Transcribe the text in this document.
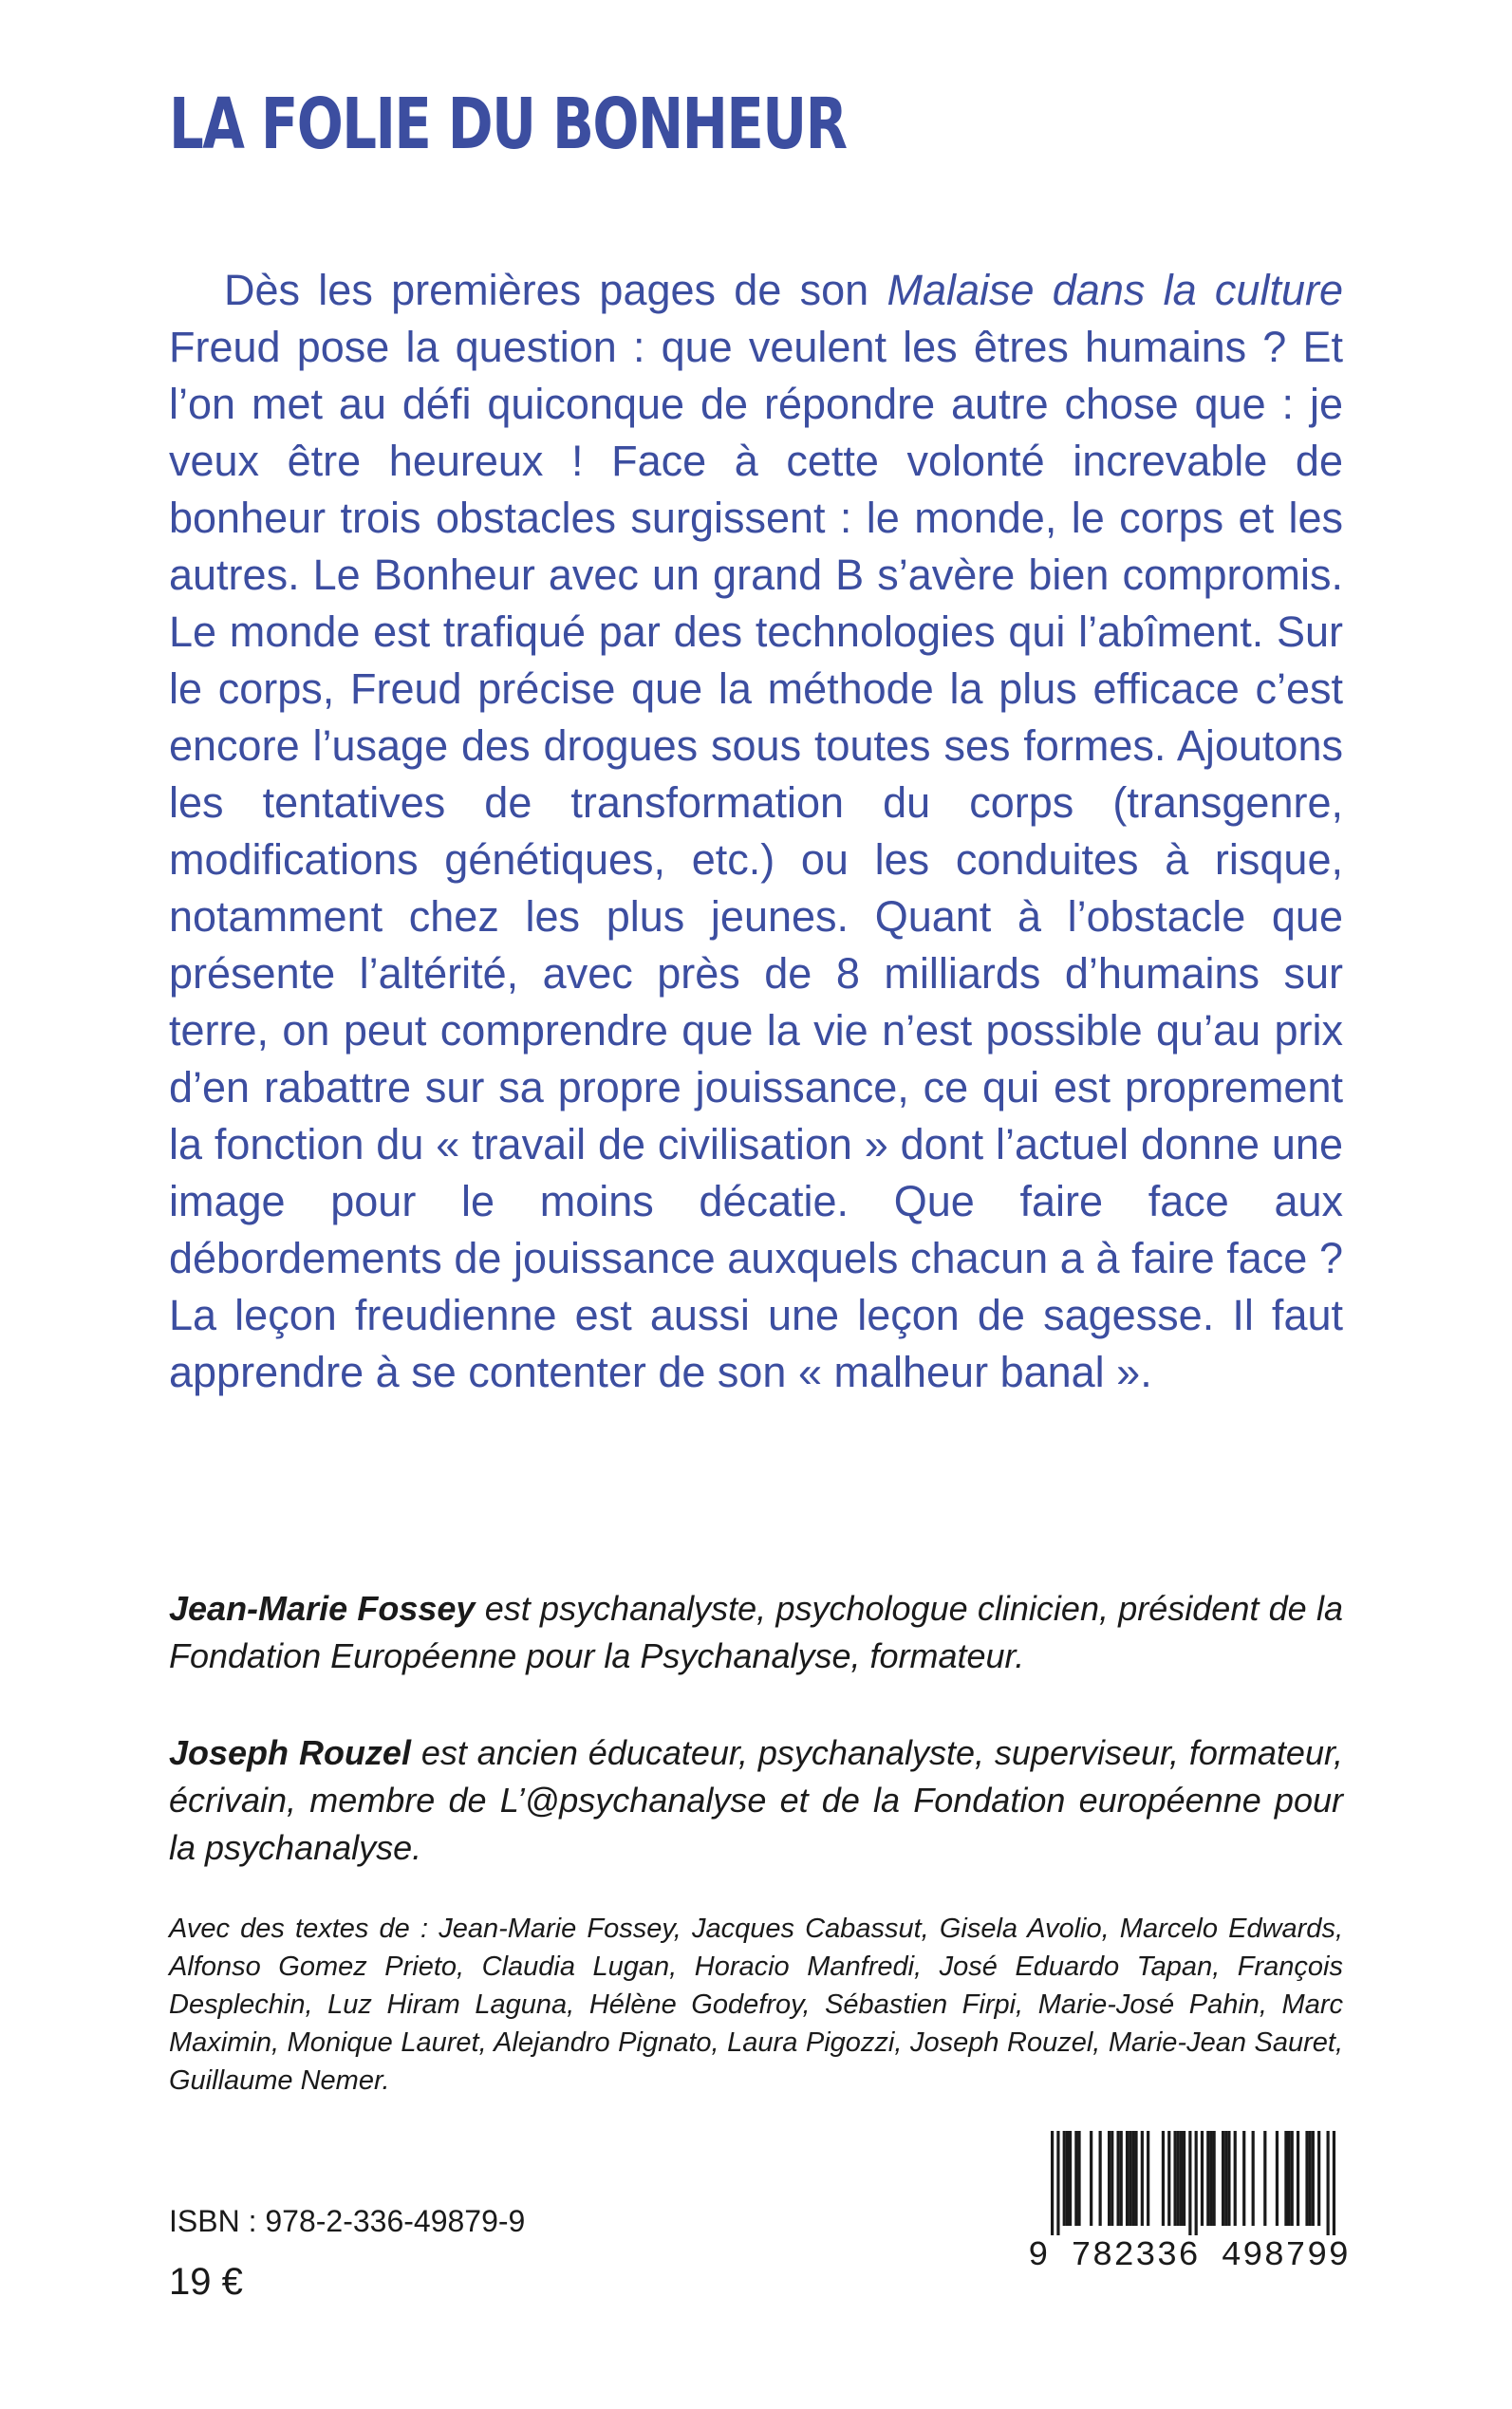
LA FOLIE DU BONHEUR

Dès les premières pages de son Malaise dans la culture Freud pose la question : que veulent les êtres humains ? Et l’on met au défi quiconque de répondre autre chose que : je veux être heureux ! Face à cette volonté increvable de bonheur trois obstacles surgissent : le monde, le corps et les autres. Le Bonheur avec un grand B s’avère bien compromis. Le monde est trafiqué par des technologies qui l’abîment. Sur le corps, Freud précise que la méthode la plus efficace c’est encore l’usage des drogues sous toutes ses formes. Ajoutons les tentatives de transformation du corps (transgenre, modifications génétiques, etc.) ou les conduites à risque, notamment chez les plus jeunes. Quant à l’obstacle que présente l’altérité, avec près de 8 milliards d’humains sur terre, on peut comprendre que la vie n’est possible qu’au prix d’en rabattre sur sa propre jouissance, ce qui est proprement la fonction du « travail de civilisation » dont l’actuel donne une image pour le moins décatie. Que faire face aux débordements de jouissance auxquels chacun a à faire face ? La leçon freudienne est aussi une leçon de sagesse. Il faut apprendre à se contenter de son « malheur banal ».

Jean-Marie Fossey est psychanalyste, psychologue clinicien, président de la Fondation Européenne pour la Psychanalyse, formateur.

Joseph Rouzel est ancien éducateur, psychanalyste, superviseur, formateur, écrivain, membre de L’@psychanalyse et de la Fondation européenne pour la psychanalyse.

Avec des textes de : Jean-Marie Fossey, Jacques Cabassut, Gisela Avolio, Marcelo Edwards, Alfonso Gomez Prieto, Claudia Lugan, Horacio Manfredi, José Eduardo Tapan, François Desplechin, Luz Hiram Laguna, Hélène Godefroy, Sébastien Firpi, Marie-José Pahin, Marc Maximin, Monique Lauret, Alejandro Pignato, Laura Pigozzi, Joseph Rouzel, Marie-Jean Sauret, Guillaume Nemer.

ISBN : 978-2-336-49879-9

19 €

9 782336 498799
